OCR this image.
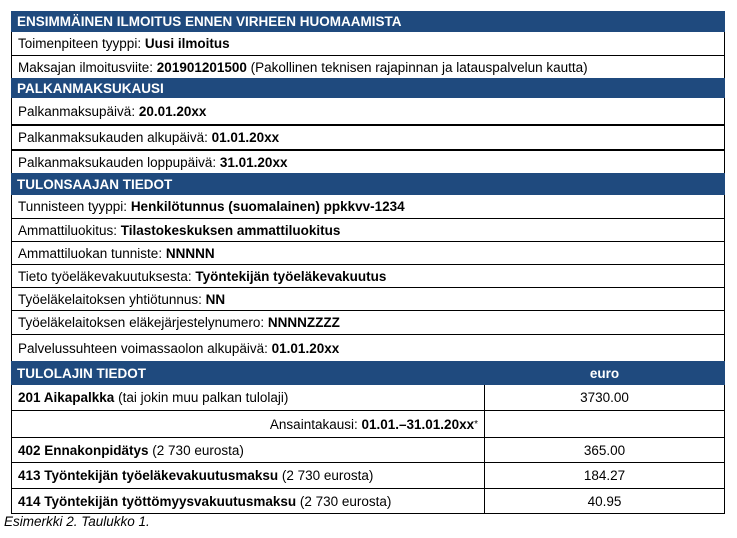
ENSIMMÄINEN ILMOITUS ENNEN VIRHEEN HUOMAAMISTA
Toimenpiteen tyyppi: Uusi ilmoitus
Maksajan ilmoitusviite: 201901201500 (Pakollinen teknisen rajapinnan ja latauspalvelun kautta)
PALKANMAKSUKAUSI
Palkanmaksupäivä: 20.01.20xx
Palkanmaksukauden alkupäivä: 01.01.20xx
Palkanmaksukauden loppupäivä: 31.01.20xx
TULONSAAJAN TIEDOT
Tunnisteen tyyppi: Henkilötunnus (suomalainen) ppkkvv-1234
Ammattiluokitus: Tilastokeskuksen ammattiluokitus
Ammattiluokan tunniste: NNNNN
Tieto työeläkevakuutuksesta: Työntekijän työeläkevakuutus
Työeläkelaitoksen yhtiötunnus: NN
Työeläkelaitoksen eläkejärjestelynumero: NNNNZZZZ
Palvelussuhteen voimassaolon alkupäivä: 01.01.20xx
TULOLAJIN TIEDOT	euro
201 Aikapalkka (tai jokin muu palkan tulolaji)	3730.00
Ansaintakausi: 01.01.–31.01.20xx *
402 Ennakonpidätys (2 730 eurosta)	365.00
413 Työntekijän työeläkevakuutusmaksu (2 730 eurosta)	184.27
414 Työntekijän työttömyysvakuutusmaksu (2 730 eurosta)	40.95
Esimerkki 2. Taulukko 1.
